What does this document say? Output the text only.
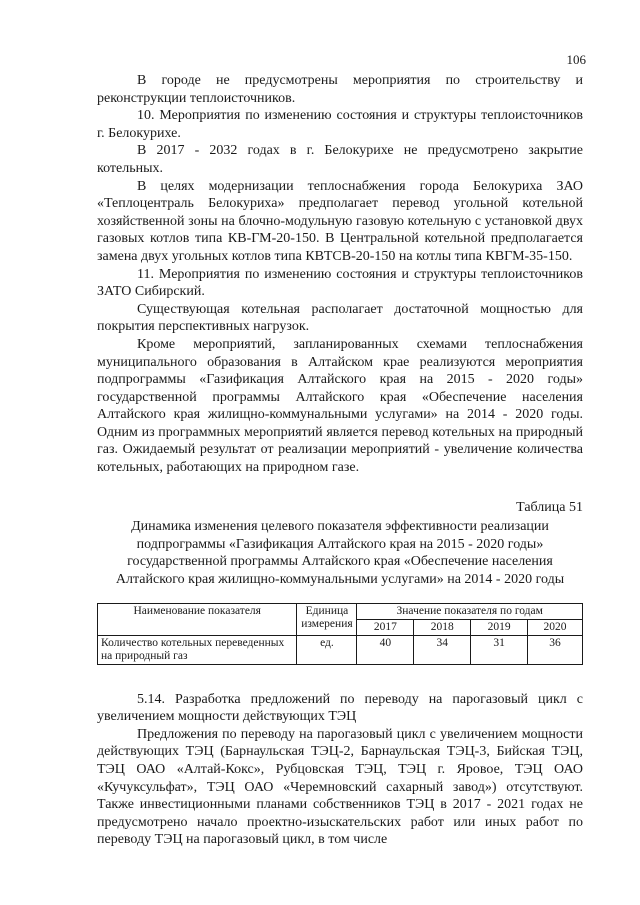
106

В городе не предусмотрены мероприятия по строительству и реконструкции теплоисточников.

10. Мероприятия по изменению состояния и структуры теплоисточников г. Белокурихе.

В 2017 - 2032 годах в г. Белокурихе не предусмотрено закрытие котельных.

В целях модернизации теплоснабжения города Белокуриха ЗАО «Теплоцентраль Белокуриха» предполагает перевод угольной котельной хозяйственной зоны на блочно-модульную газовую котельную с установкой двух газовых котлов типа КВ-ГМ-20-150. В Центральной котельной предполагается замена двух угольных котлов типа КВТСВ-20-150 на котлы типа КВГМ-35-150.

11. Мероприятия по изменению состояния и структуры теплоисточников ЗАТО Сибирский.

Существующая котельная располагает достаточной мощностью для покрытия перспективных нагрузок.

Кроме мероприятий, запланированных схемами теплоснабжения муниципального образования в Алтайском крае реализуются мероприятия подпрограммы «Газификация Алтайского края на 2015 - 2020 годы» государственной программы Алтайского края «Обеспечение населения Алтайского края жилищно-коммунальными услугами» на 2014 - 2020 годы. Одним из программных мероприятий является перевод котельных на природный газ. Ожидаемый результат от реализации мероприятий - увеличение количества котельных, работающих на природном газе.

Таблица 51

Динамика изменения целевого показателя эффективности реализации подпрограммы «Газификация Алтайского края на 2015 - 2020 годы» государственной программы Алтайского края «Обеспечение населения Алтайского края жилищно-коммунальными услугами» на 2014 - 2020 годы

Наименование показателя	Единица измерения	Значение показателя по годам			
		2017	2018	2019	2020
Количество котельных переведенных на природный газ	ед.	40	34	31	36

5.14. Разработка предложений по переводу на парогазовый цикл с увеличением мощности действующих ТЭЦ

Предложения по переводу на парогазовый цикл с увеличением мощности действующих ТЭЦ (Барнаульская ТЭЦ-2, Барнаульская ТЭЦ-3, Бийская ТЭЦ, ТЭЦ ОАО «Алтай-Кокс», Рубцовская ТЭЦ, ТЭЦ г. Яровое, ТЭЦ ОАО «Кучуксульфат», ТЭЦ ОАО «Черемновский сахарный завод») отсутствуют. Также инвестиционными планами собственников ТЭЦ в 2017 - 2021 годах не предусмотрено начало проектно-изыскательских работ или иных работ по переводу ТЭЦ на парогазовый цикл, в том числе
